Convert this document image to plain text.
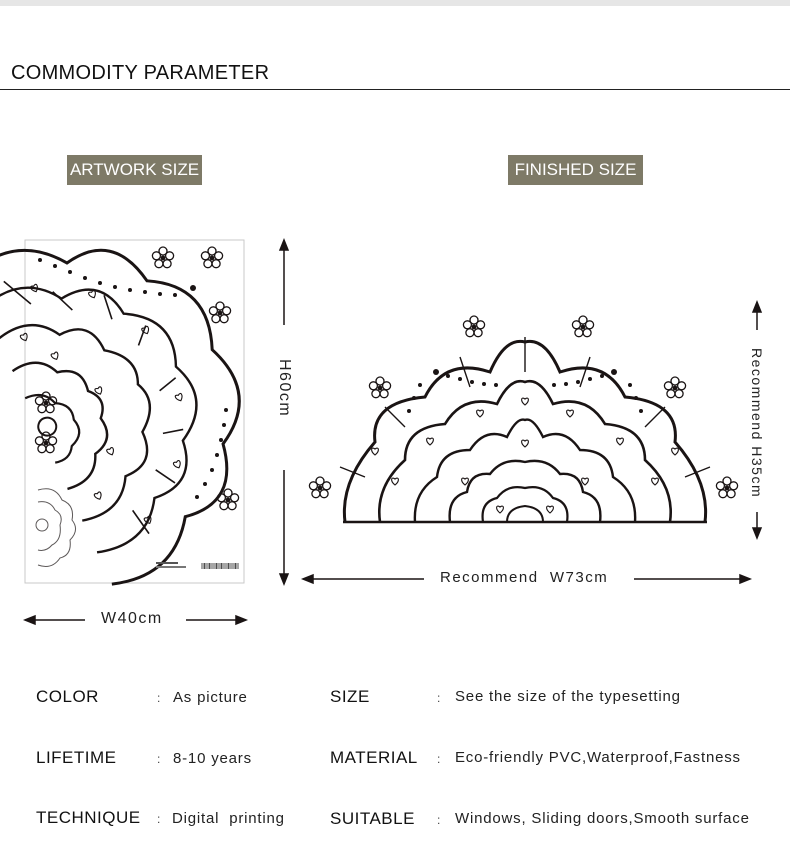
COMMODITY PARAMETER
ARTWORK SIZE	FINISHED SIZE
H60cm
W40cm
Recommend H35cm
Recommend  W73cm
COLOR	: As picture	SIZE	: See the size of the typesetting
LIFETIME	: 8-10 years	MATERIAL : Eco-friendly PVC,Waterproof,Fastness
TECHNIQUE : Digital  printing	SUITABLE : Windows, Sliding doors,Smooth surface
